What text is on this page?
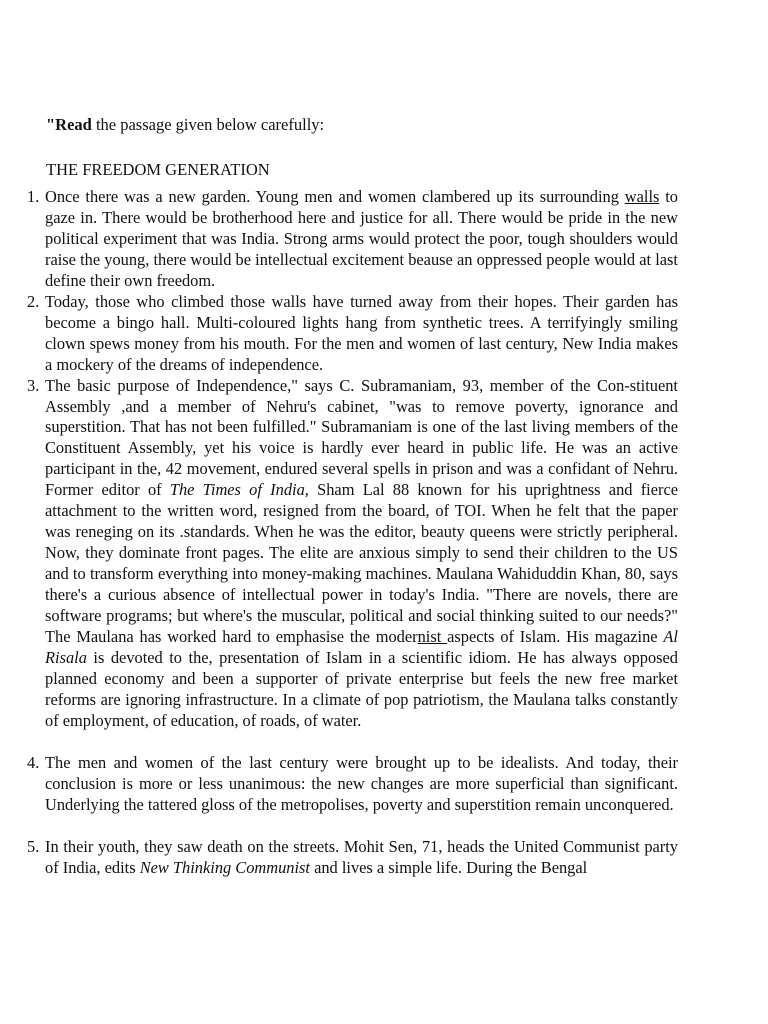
"Read the passage given below carefully:
THE FREEDOM GENERATION
1. Once there was a new garden. Young men and women clambered up its surrounding walls to gaze in. There would be brotherhood here and justice for all. There would be pride in the new political experiment that was India. Strong arms would protect the poor, tough shoulders would raise the young, there would be intellectual excitement beause an oppressed people would at last define their own freedom.
2. Today, those who climbed those walls have turned away from their hopes. Their garden has become a bingo hall. Multi-coloured lights hang from synthetic trees. A terrifyingly smiling clown spews money from his mouth. For the men and women of last century, New India makes a mockery of the dreams of independence.
3. The basic purpose of Independence," says C. Subramaniam, 93, member of the Con-stituent Assembly ,and a member of Nehru's cabinet, "was to remove poverty, ignorance and superstition. That has not been fulfilled." Subramaniam is one of the last living members of the Constituent Assembly, yet his voice is hardly ever heard in public life. He was an active participant in the, 42 movement, endured several spells in prison and was a confidant of Nehru. Former editor of The Times of India, Sham Lal 88 known for his uprightness and fierce attachment to the written word, resigned from the board, of TOI. When he felt that the paper was reneging on its .standards. When he was the editor, beauty queens were strictly peripheral. Now, they dominate front pages. The elite are anxious simply to send their children to the US and to transform everything into money-making machines. Maulana Wahiduddin Khan, 80, says there's a curious absence of intellectual power in today's India. "There are novels, there are software programs; but where's the muscular, political and social thinking suited to our needs?" The Maulana has worked hard to emphasise the modernist aspects of Islam. His magazine Al Risala is devoted to the, presentation of Islam in a scientific idiom. He has always opposed planned economy and been a supporter of private enterprise but feels the new free market reforms are ignoring infrastructure. In a climate of pop patriotism, the Maulana talks constantly of employment, of education, of roads, of water.
4. The men and women of the last century were brought up to be idealists. And today, their conclusion is more or less unanimous: the new changes are more superficial than significant. Underlying the tattered gloss of the metropolises, poverty and superstition remain unconquered.
5. In their youth, they saw death on the streets. Mohit Sen, 71, heads the United Communist party of India, edits New Thinking Communist and lives a simple life. During the Bengal
